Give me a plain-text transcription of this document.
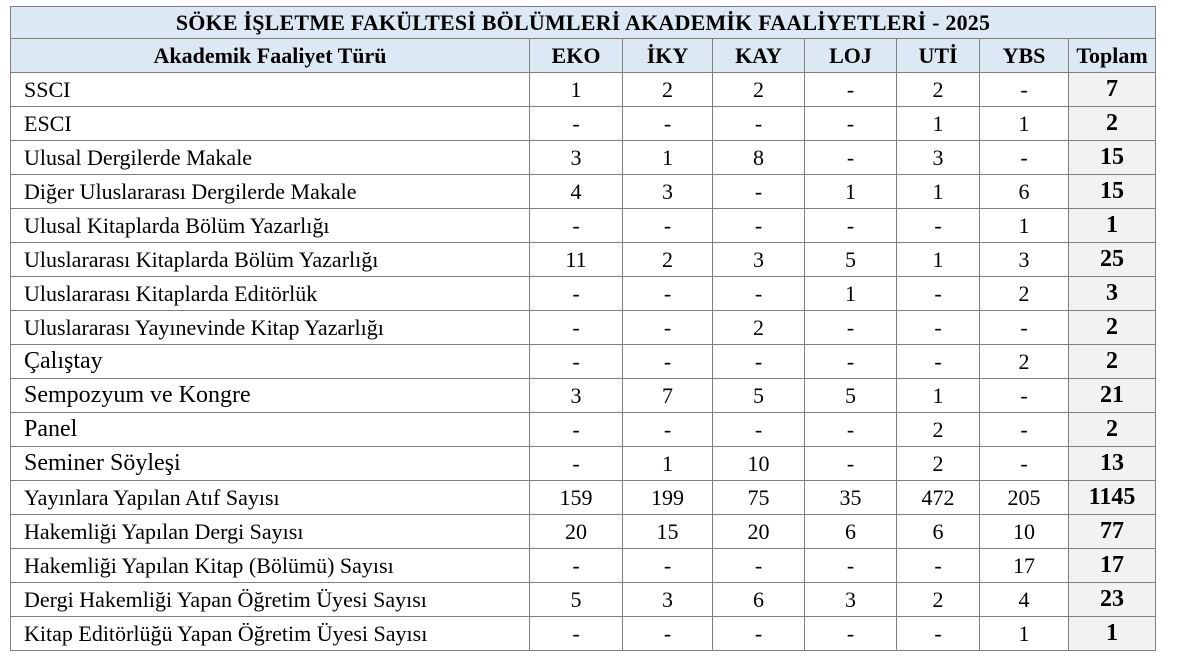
SÖKE İŞLETME FAKÜLTESİ BÖLÜMLERİ AKADEMİK FAALİYETLERİ - 2025							
Akademik Faaliyet Türü	EKO	İKY	KAY	LOJ	UTİ	YBS	Toplam
SSCI	1	2	2	-	2	-	7
ESCI	-	-	-	-	1	1	2
Ulusal Dergilerde Makale	3	1	8	-	3	-	15
Diğer Uluslararası Dergilerde Makale	4	3	-	1	1	6	15
Ulusal Kitaplarda Bölüm Yazarlığı	-	-	-	-	-	1	1
Uluslararası Kitaplarda Bölüm Yazarlığı	11	2	3	5	1	3	25
Uluslararası Kitaplarda Editörlük	-	-	-	1	-	2	3
Uluslararası Yayınevinde Kitap Yazarlığı	-	-	2	-	-	-	2
Çalıştay	-	-	-	-	-	2	2
Sempozyum ve Kongre	3	7	5	5	1	-	21
Panel	-	-	-	-	2	-	2
Seminer Söyleşi	-	1	10	-	2	-	13
Yayınlara Yapılan Atıf Sayısı	159	199	75	35	472	205	1145
Hakemliği Yapılan Dergi Sayısı	20	15	20	6	6	10	77
Hakemliği Yapılan Kitap (Bölümü) Sayısı	-	-	-	-	-	17	17
Dergi Hakemliği Yapan Öğretim Üyesi Sayısı	5	3	6	3	2	4	23
Kitap Editörlüğü Yapan Öğretim Üyesi Sayısı	-	-	-	-	-	1	1
